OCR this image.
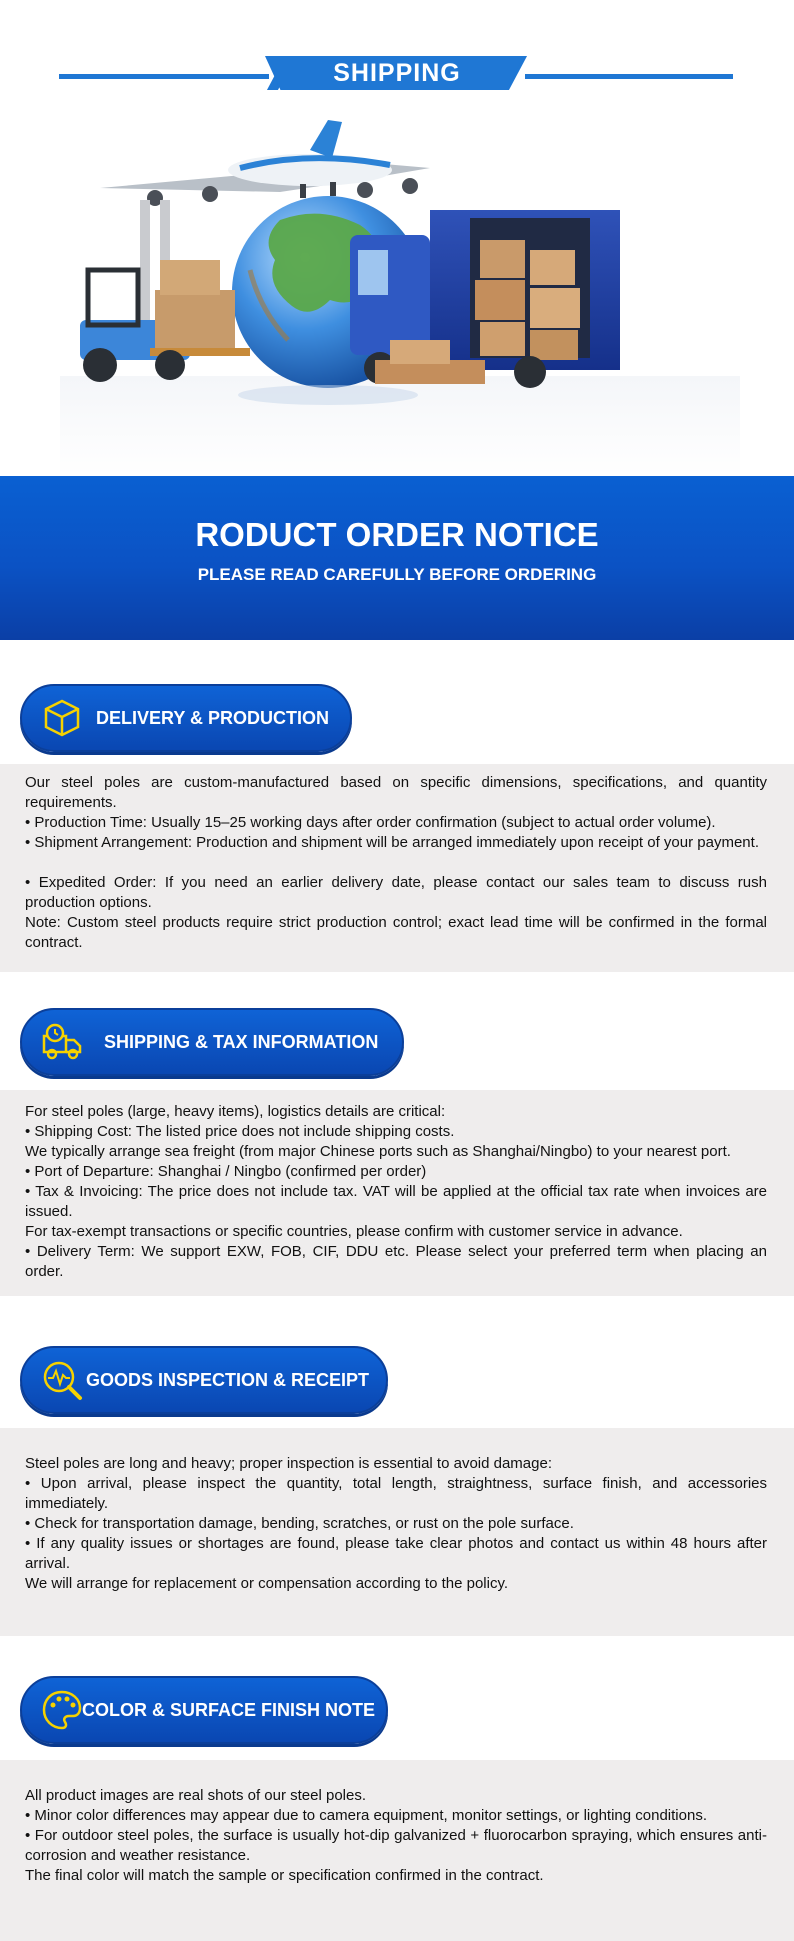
SHIPPING
RODUCT ORDER NOTICE
PLEASE READ CAREFULLY BEFORE ORDERING
DELIVERY & PRODUCTION

Our steel poles are custom-manufactured based on specific dimensions, specifications, and quantity requirements.

• Production Time: Usually 15–25 working days after order confirmation (subject to actual order volume).

• Shipment Arrangement: Production and shipment will be arranged immediately upon receipt of your payment.

• Expedited Order: If you need an earlier delivery date, please contact our sales team to discuss rush production options.

Note: Custom steel products require strict production control; exact lead time will be confirmed in the formal contract.

SHIPPING & TAX INFORMATION

For steel poles (large, heavy items), logistics details are critical:

• Shipping Cost: The listed price does not include shipping costs.

We typically arrange sea freight (from major Chinese ports such as Shanghai/Ningbo) to your nearest port.

• Port of Departure: Shanghai / Ningbo (confirmed per order)

• Tax & Invoicing: The price does not include tax. VAT will be applied at the official tax rate when invoices are issued.

For tax-exempt transactions or specific countries, please confirm with customer service in advance.

• Delivery Term: We support EXW, FOB, CIF, DDU etc. Please select your preferred term when placing an order.

GOODS INSPECTION & RECEIPT

Steel poles are long and heavy; proper inspection is essential to avoid damage:

• Upon arrival, please inspect the quantity, total length, straightness, surface finish, and accessories immediately.

• Check for transportation damage, bending, scratches, or rust on the pole surface.

• If any quality issues or shortages are found, please take clear photos and contact us within 48 hours after arrival.

We will arrange for replacement or compensation according to the policy.

COLOR & SURFACE FINISH NOTE

All product images are real shots of our steel poles.

• Minor color differences may appear due to camera equipment, monitor settings, or lighting conditions.

• For outdoor steel poles, the surface is usually hot-dip galvanized + fluorocarbon spraying, which ensures anti-corrosion and weather resistance.

The final color will match the sample or specification confirmed in the contract.
